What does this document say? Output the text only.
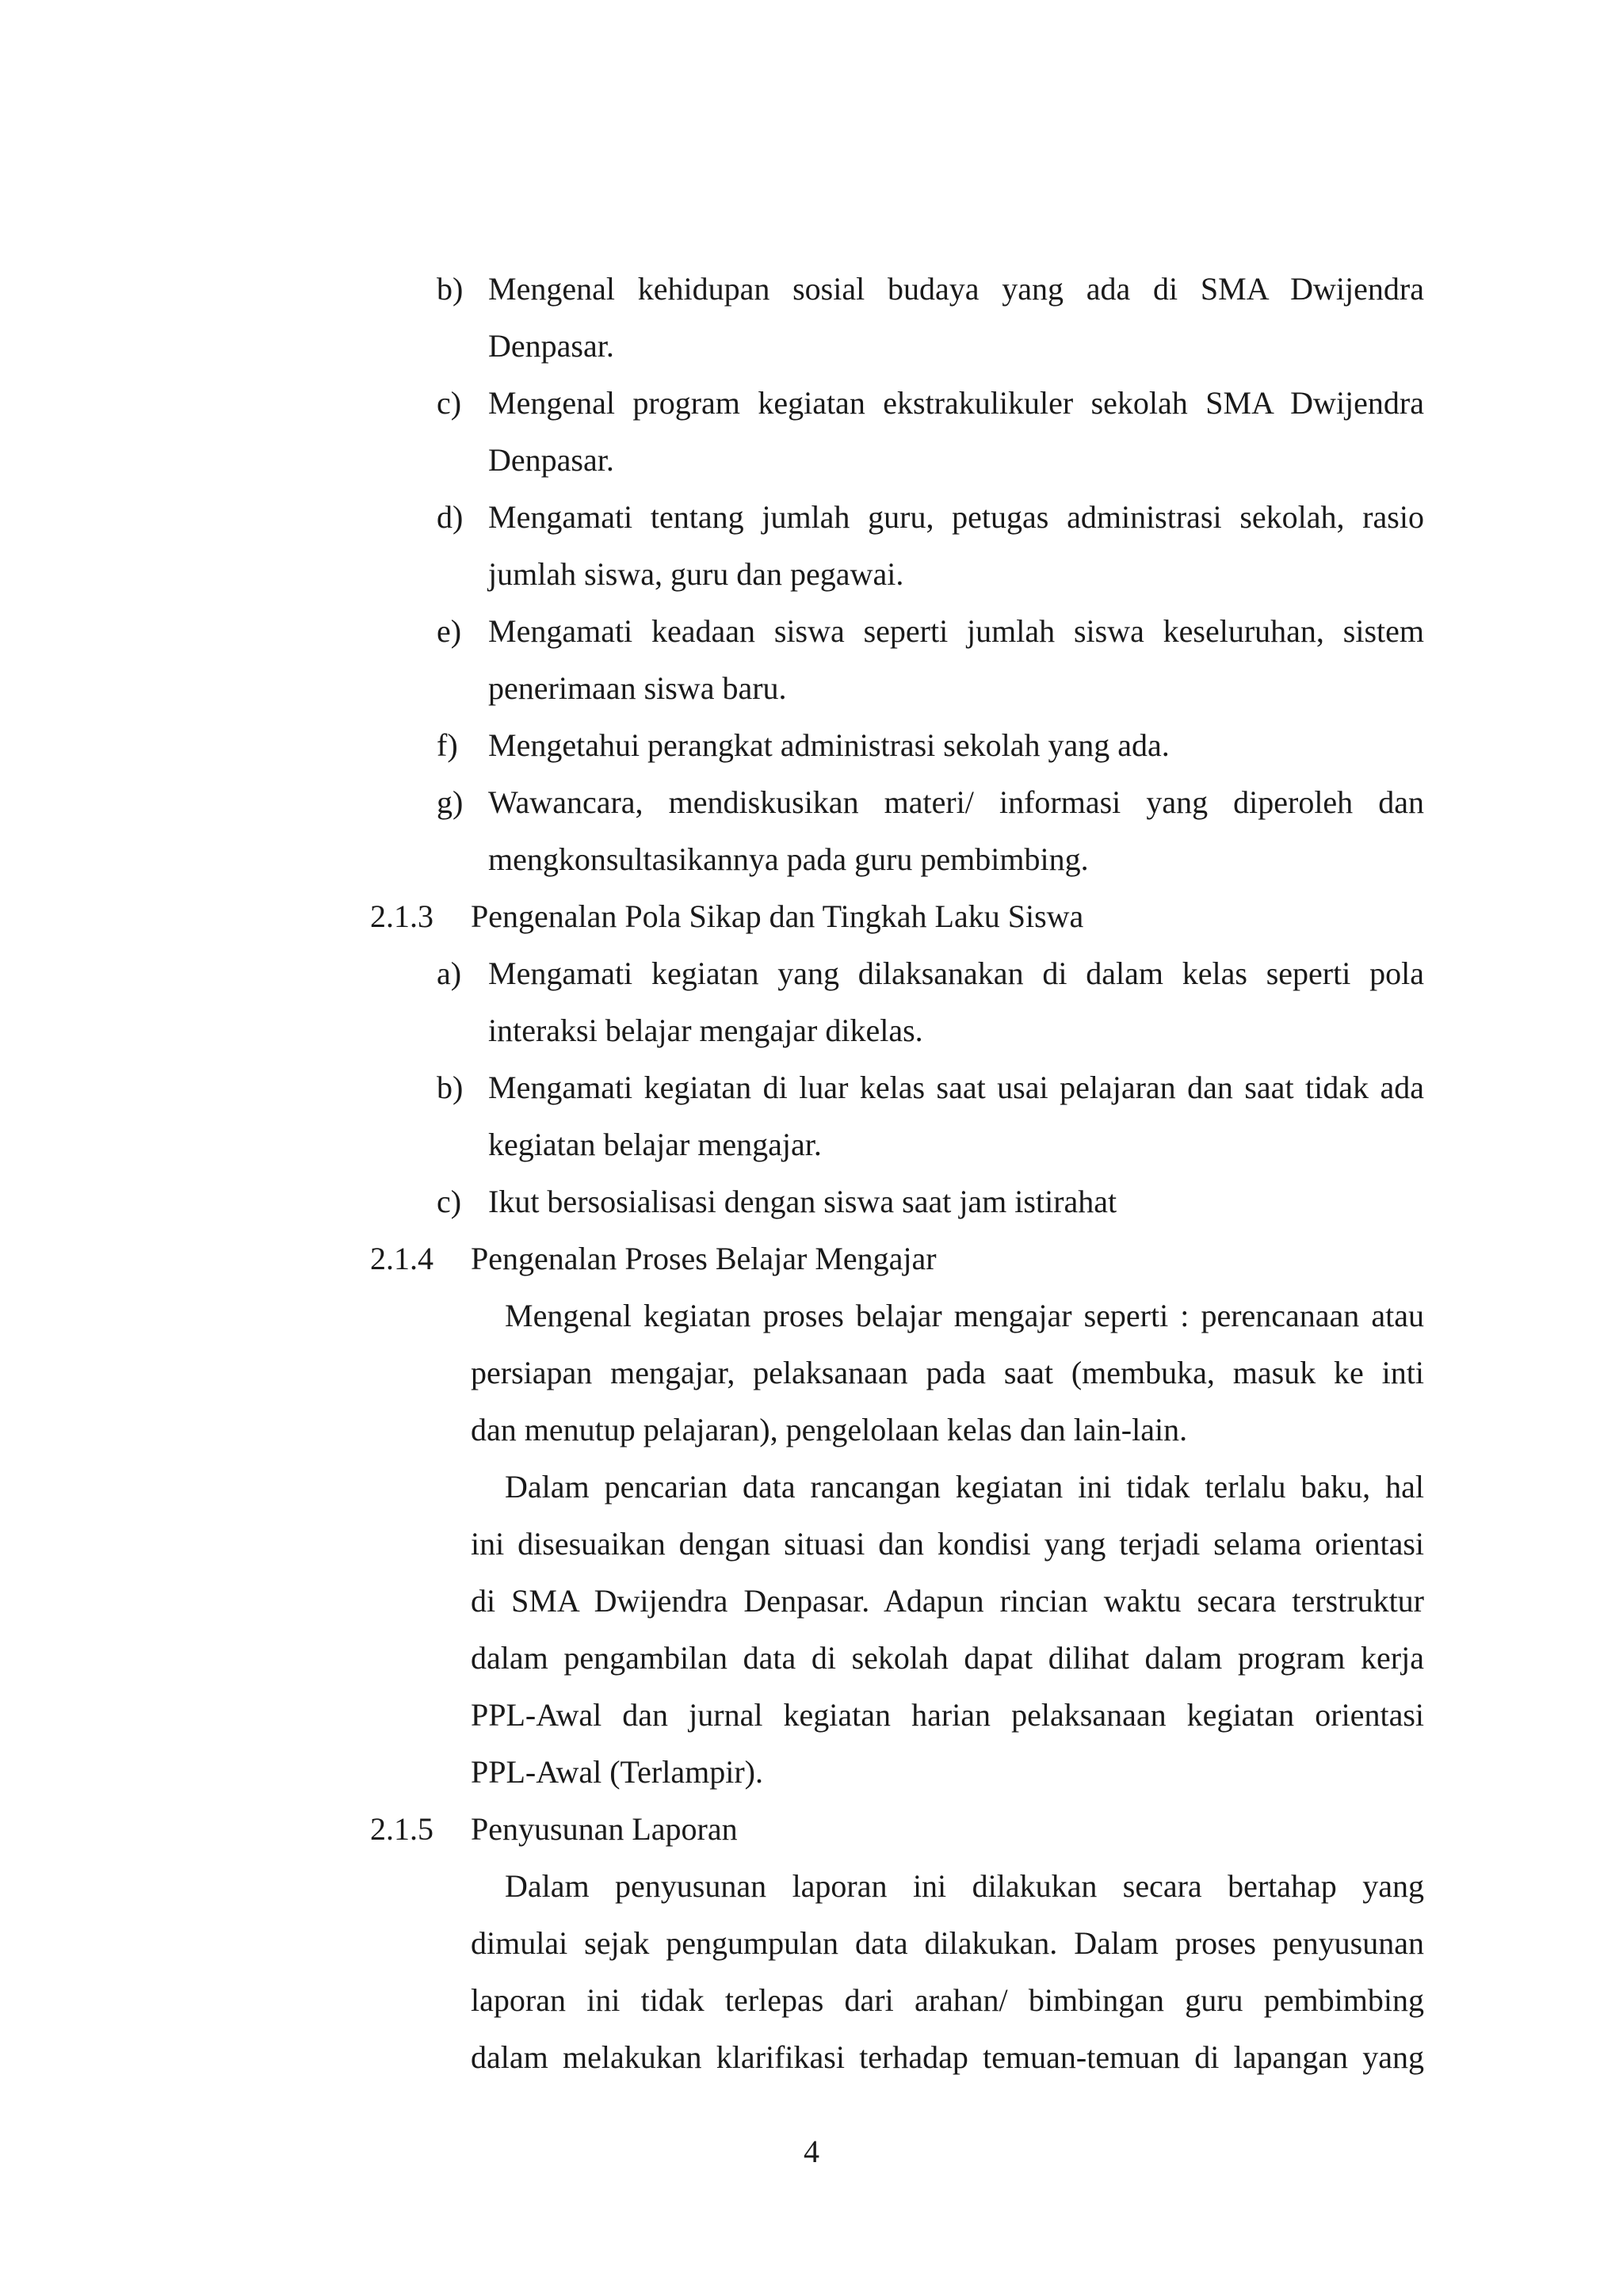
b) Mengenal kehidupan sosial budaya yang ada di SMA Dwijendra
Denpasar.
c) Mengenal program kegiatan ekstrakulikuler sekolah SMA Dwijendra
Denpasar.
d) Mengamati tentang jumlah guru, petugas administrasi sekolah, rasio
jumlah siswa, guru dan pegawai.
e) Mengamati keadaan siswa seperti jumlah siswa keseluruhan, sistem
penerimaan siswa baru.
f) Mengetahui perangkat administrasi sekolah yang ada.
g) Wawancara, mendiskusikan materi/ informasi yang diperoleh dan
mengkonsultasikannya pada guru pembimbing.
2.1.3 Pengenalan Pola Sikap dan Tingkah Laku Siswa
a) Mengamati kegiatan yang dilaksanakan di dalam kelas seperti pola
interaksi belajar mengajar dikelas.
b) Mengamati kegiatan di luar kelas saat usai pelajaran dan saat tidak ada
kegiatan belajar mengajar.
c) Ikut bersosialisasi dengan siswa saat jam istirahat
2.1.4 Pengenalan Proses Belajar Mengajar
Mengenal kegiatan proses belajar mengajar seperti : perencanaan atau
persiapan mengajar, pelaksanaan pada saat (membuka, masuk ke inti
dan menutup pelajaran), pengelolaan kelas dan lain-lain.
Dalam pencarian data rancangan kegiatan ini tidak terlalu baku, hal
ini disesuaikan dengan situasi dan kondisi yang terjadi selama orientasi
di SMA Dwijendra Denpasar. Adapun rincian waktu secara terstruktur
dalam pengambilan data di sekolah dapat dilihat dalam program kerja
PPL-Awal dan jurnal kegiatan harian pelaksanaan kegiatan orientasi
PPL-Awal (Terlampir).
2.1.5 Penyusunan Laporan
Dalam penyusunan laporan ini dilakukan secara bertahap yang
dimulai sejak pengumpulan data dilakukan. Dalam proses penyusunan
laporan ini tidak terlepas dari arahan/ bimbingan guru pembimbing
dalam melakukan klarifikasi terhadap temuan-temuan di lapangan yang
4
